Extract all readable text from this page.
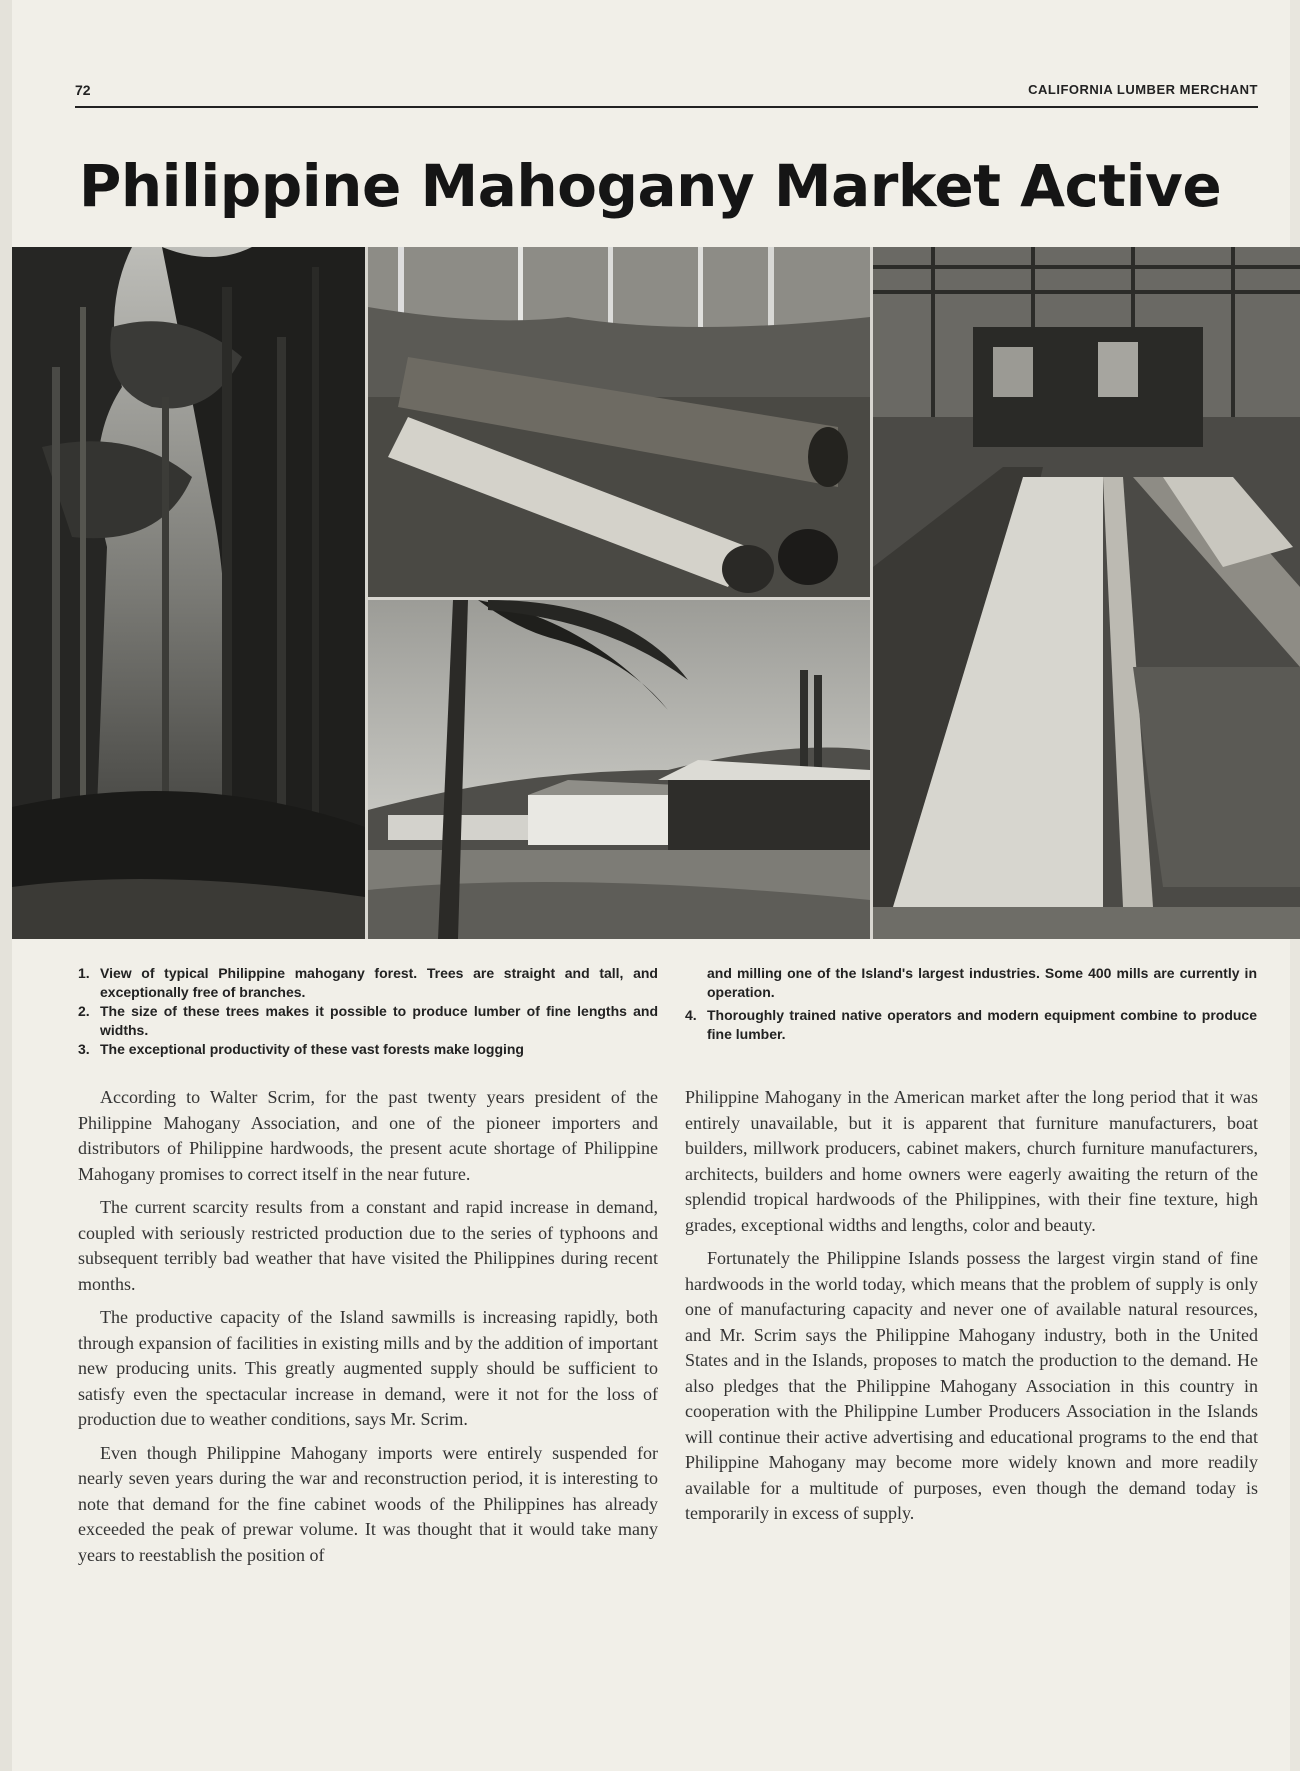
72	CALIFORNIA LUMBER MERCHANT
Philippine Mahogany Market Active
1. View of typical Philippine mahogany forest. Trees are straight and tall, and exceptionally free of branches.
2. The size of these trees makes it possible to produce lumber of fine lengths and widths.
3. The exceptional productivity of these vast forests make logging
and milling one of the Island's largest industries. Some 400 mills are currently in operation.
4. Thoroughly trained native operators and modern equipment combine to produce fine lumber.

According to Walter Scrim, for the past twenty years president of the Philippine Mahogany Association, and one of the pioneer importers and distributors of Philippine hardwoods, the present acute shortage of Philippine Mahogany promises to correct itself in the near future.

The current scarcity results from a constant and rapid increase in demand, coupled with seriously restricted production due to the series of typhoons and subsequent terribly bad weather that have visited the Philippines during recent months.

The productive capacity of the Island sawmills is increasing rapidly, both through expansion of facilities in existing mills and by the addition of important new producing units. This greatly augmented supply should be sufficient to satisfy even the spectacular increase in demand, were it not for the loss of production due to weather conditions, says Mr. Scrim.

Even though Philippine Mahogany imports were entirely suspended for nearly seven years during the war and reconstruction period, it is interesting to note that demand for the fine cabinet woods of the Philippines has already exceeded the peak of prewar volume. It was thought that it would take many years to reestablish the position of

Philippine Mahogany in the American market after the long period that it was entirely unavailable, but it is apparent that furniture manufacturers, boat builders, millwork producers, cabinet makers, church furniture manufacturers, architects, builders and home owners were eagerly awaiting the return of the splendid tropical hardwoods of the Philippines, with their fine texture, high grades, exceptional widths and lengths, color and beauty.

Fortunately the Philippine Islands possess the largest virgin stand of fine hardwoods in the world today, which means that the problem of supply is only one of manufacturing capacity and never one of available natural resources, and Mr. Scrim says the Philippine Mahogany industry, both in the United States and in the Islands, proposes to match the production to the demand. He also pledges that the Philippine Mahogany Association in this country in cooperation with the Philippine Lumber Producers Association in the Islands will continue their active advertising and educational programs to the end that Philippine Mahogany may become more widely known and more readily available for a multitude of purposes, even though the demand today is temporarily in excess of supply.
